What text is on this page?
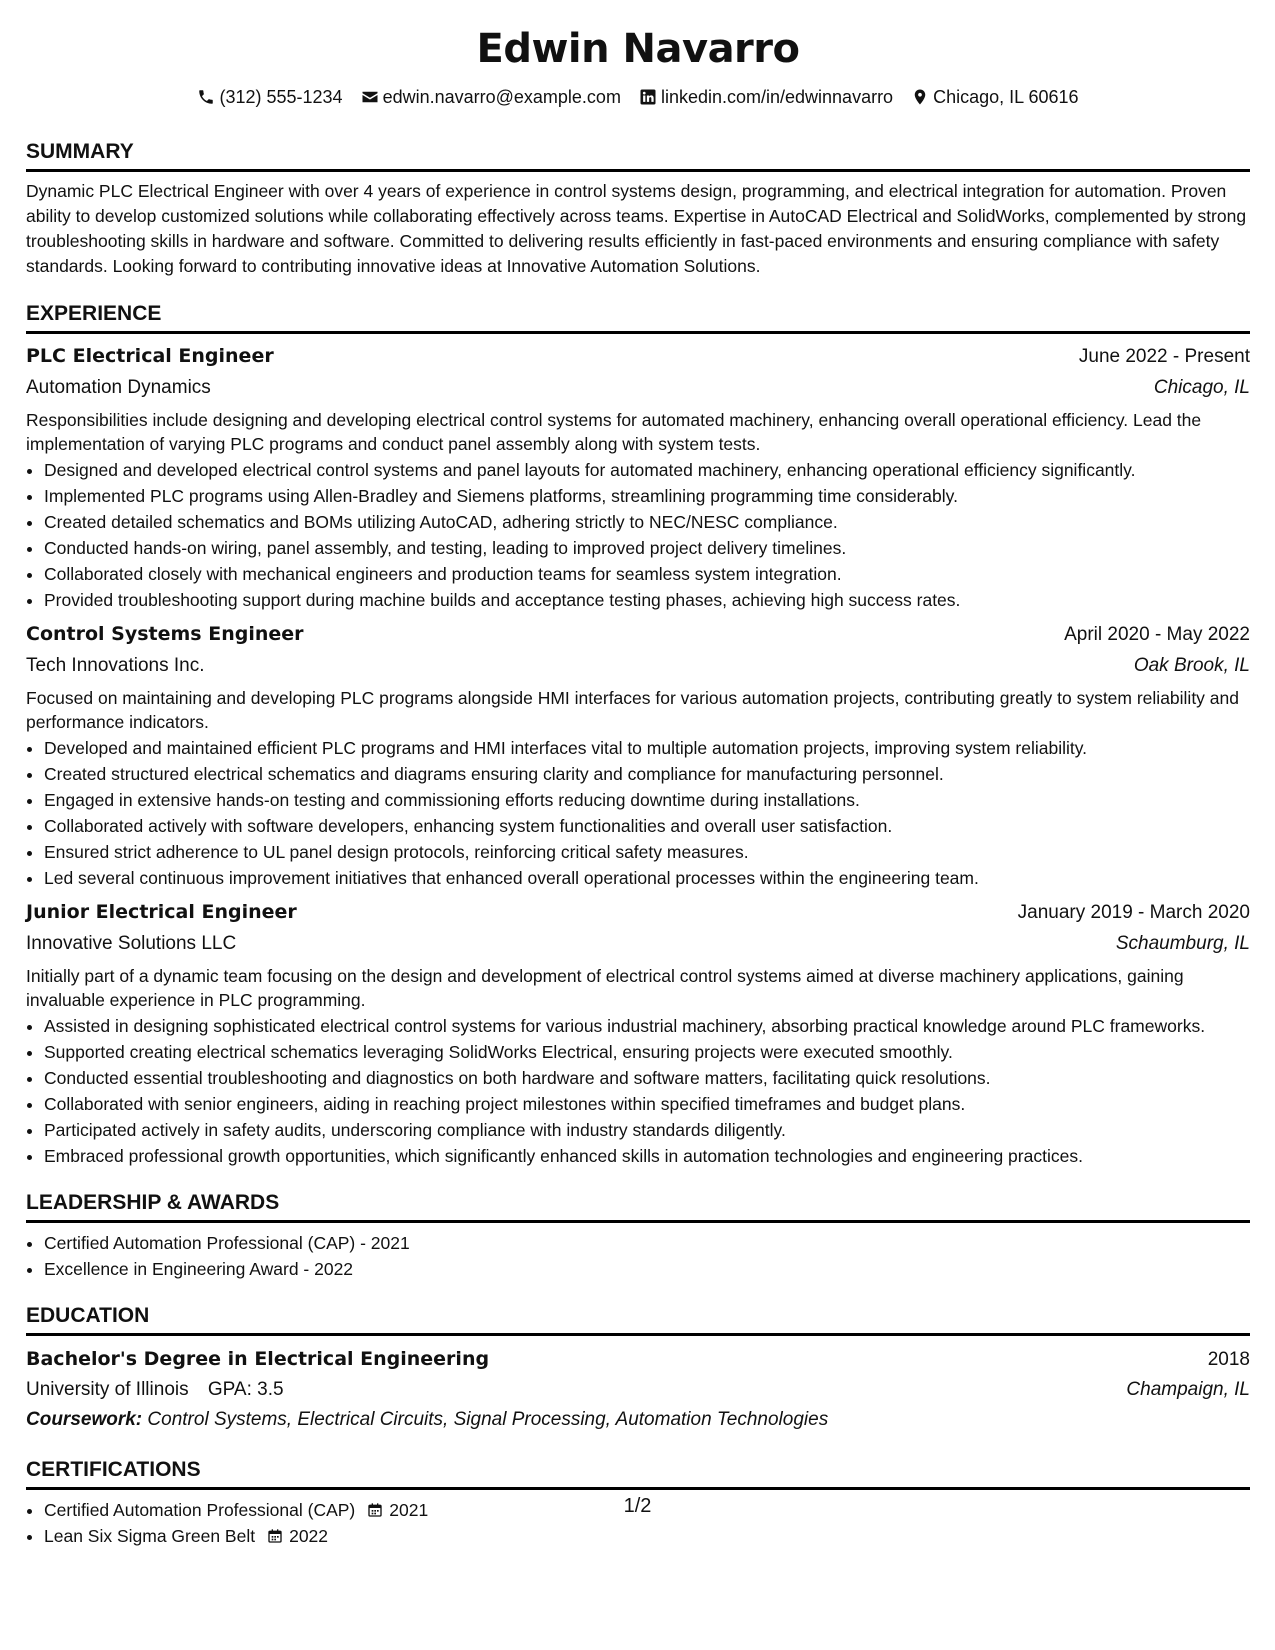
Edwin Navarro
(312) 555-1234 edwin.navarro@example.com linkedin.com/in/edwinnavarro Chicago, IL 60616
SUMMARY
Dynamic PLC Electrical Engineer with over 4 years of experience in control systems design, programming, and electrical integration for automation. Proven ability to develop customized solutions while collaborating effectively across teams. Expertise in AutoCAD Electrical and SolidWorks, complemented by strong troubleshooting skills in hardware and software. Committed to delivering results efficiently in fast-paced environments and ensuring compliance with safety standards. Looking forward to contributing innovative ideas at Innovative Automation Solutions.
EXPERIENCE
PLC Electrical Engineer	June 2022 - Present
Automation Dynamics	Chicago, IL
Responsibilities include designing and developing electrical control systems for automated machinery, enhancing overall operational efficiency. Lead the implementation of varying PLC programs and conduct panel assembly along with system tests.
• Designed and developed electrical control systems and panel layouts for automated machinery, enhancing operational efficiency significantly.
• Implemented PLC programs using Allen-Bradley and Siemens platforms, streamlining programming time considerably.
• Created detailed schematics and BOMs utilizing AutoCAD, adhering strictly to NEC/NESC compliance.
• Conducted hands-on wiring, panel assembly, and testing, leading to improved project delivery timelines.
• Collaborated closely with mechanical engineers and production teams for seamless system integration.
• Provided troubleshooting support during machine builds and acceptance testing phases, achieving high success rates.
Control Systems Engineer	April 2020 - May 2022
Tech Innovations Inc.	Oak Brook, IL
Focused on maintaining and developing PLC programs alongside HMI interfaces for various automation projects, contributing greatly to system reliability and performance indicators.
• Developed and maintained efficient PLC programs and HMI interfaces vital to multiple automation projects, improving system reliability.
• Created structured electrical schematics and diagrams ensuring clarity and compliance for manufacturing personnel.
• Engaged in extensive hands-on testing and commissioning efforts reducing downtime during installations.
• Collaborated actively with software developers, enhancing system functionalities and overall user satisfaction.
• Ensured strict adherence to UL panel design protocols, reinforcing critical safety measures.
• Led several continuous improvement initiatives that enhanced overall operational processes within the engineering team.
Junior Electrical Engineer	January 2019 - March 2020
Innovative Solutions LLC	Schaumburg, IL
Initially part of a dynamic team focusing on the design and development of electrical control systems aimed at diverse machinery applications, gaining invaluable experience in PLC programming.
• Assisted in designing sophisticated electrical control systems for various industrial machinery, absorbing practical knowledge around PLC frameworks.
• Supported creating electrical schematics leveraging SolidWorks Electrical, ensuring projects were executed smoothly.
• Conducted essential troubleshooting and diagnostics on both hardware and software matters, facilitating quick resolutions.
• Collaborated with senior engineers, aiding in reaching project milestones within specified timeframes and budget plans.
• Participated actively in safety audits, underscoring compliance with industry standards diligently.
• Embraced professional growth opportunities, which significantly enhanced skills in automation technologies and engineering practices.
LEADERSHIP & AWARDS
• Certified Automation Professional (CAP) - 2021
• Excellence in Engineering Award - 2022
EDUCATION
Bachelor's Degree in Electrical Engineering	2018
University of Illinois GPA: 3.5	Champaign, IL
Coursework: Control Systems, Electrical Circuits, Signal Processing, Automation Technologies
CERTIFICATIONS
• Certified Automation Professional (CAP) 2021
• Lean Six Sigma Green Belt 2022
1/2
